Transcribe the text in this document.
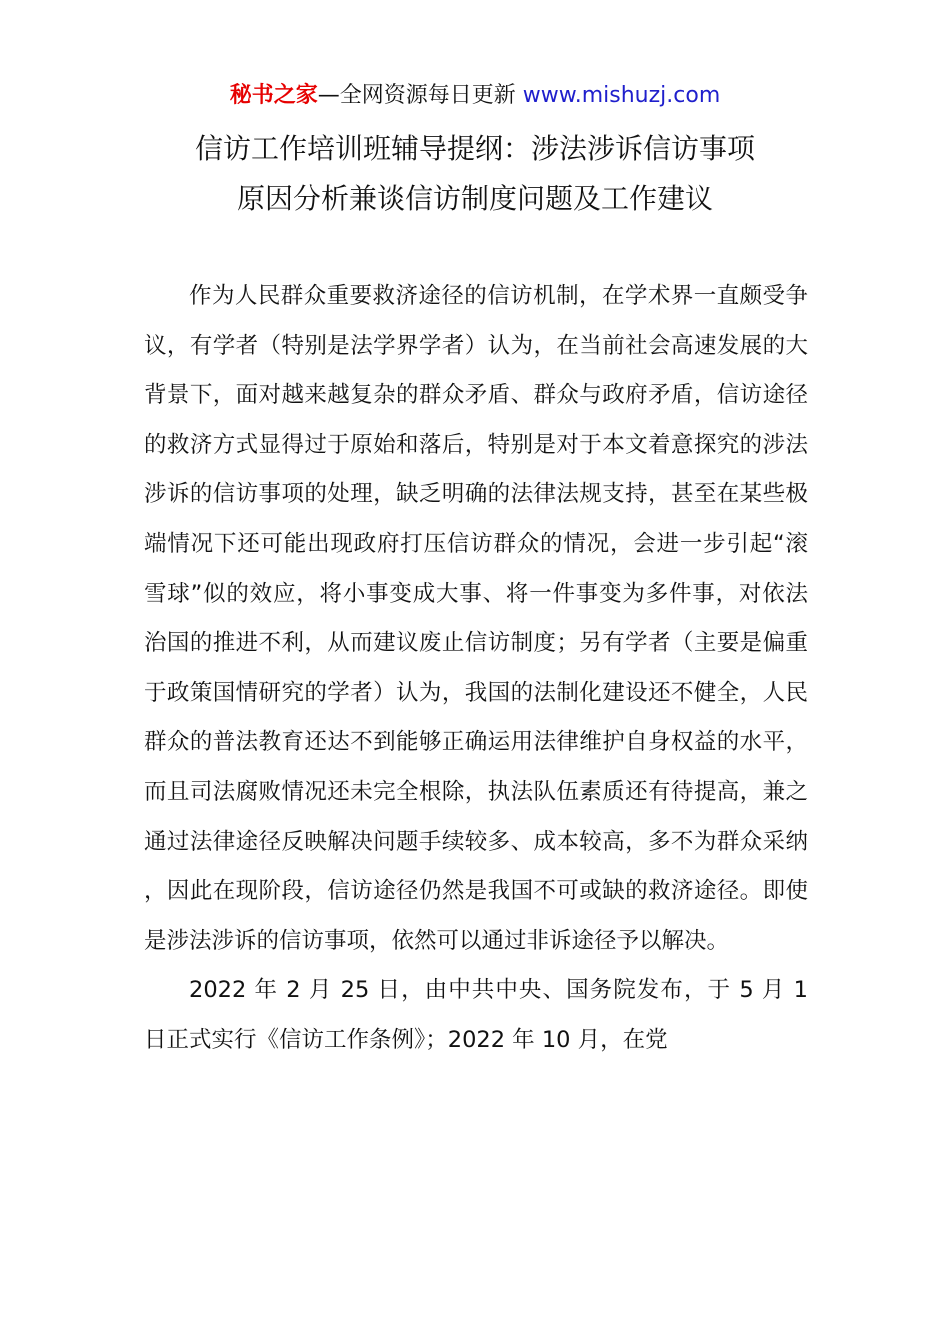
秘书之家—全网资源每日更新 www.mishuzj.com
信访工作培训班辅导提纲：涉法涉诉信访事项
原因分析兼谈信访制度问题及工作建议

作为人民群众重要救济途径的信访机制，在学术界一直颇受争议，有学者（特别是法学界学者）认为，在当前社会高速发展的大背景下，面对越来越复杂的群众矛盾、群众与政府矛盾，信访途径的救济方式显得过于原始和落后，特别是对于本文着意探究的涉法涉诉的信访事项的处理，缺乏明确的法律法规支持，甚至在某些极端情况下还可能出现政府打压信访群众的情况，会进一步引起“滚雪球”似的效应，将小事变成大事、将一件事变为多件事，对依法治国的推进不利，从而建议废止信访制度；另有学者（主要是偏重于政策国情研究的学者）认为，我国的法制化建设还不健全，人民群众的普法教育还达不到能够正确运用法律维护自身权益的水平，而且司法腐败情况还未完全根除，执法队伍素质还有待提高，兼之通过法律途径反映解决问题手续较多、成本较高，多不为群众采纳，因此在现阶段，信访途径仍然是我国不可或缺的救济途径。即使是涉法涉诉的信访事项，依然可以通过非诉途径予以解决。

2022 年 2 月 25 日，由中共中央、国务院发布，于 5 月 1 日正式实行《信访工作条例》；2022 年 10 月，在党
